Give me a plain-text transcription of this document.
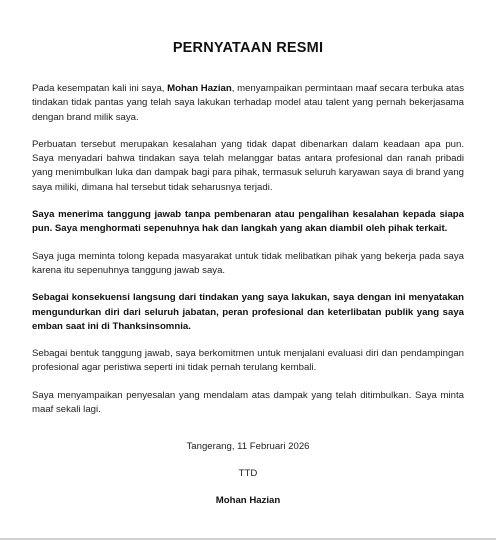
PERNYATAAN RESMI

Pada kesempatan kali ini saya, Mohan Hazian, menyampaikan permintaan maaf secara terbuka atas tindakan tidak pantas yang telah saya lakukan terhadap model atau talent yang pernah bekerjasama dengan brand milik saya.

Perbuatan tersebut merupakan kesalahan yang tidak dapat dibenarkan dalam keadaan apa pun. Saya menyadari bahwa tindakan saya telah melanggar batas antara profesional dan ranah pribadi yang menimbulkan luka dan dampak bagi para pihak, termasuk seluruh karyawan saya di brand yang saya miliki, dimana hal tersebut tidak seharusnya terjadi.

Saya menerima tanggung jawab tanpa pembenaran atau pengalihan kesalahan kepada siapa pun. Saya menghormati sepenuhnya hak dan langkah yang akan diambil oleh pihak terkait.

Saya juga meminta tolong kepada masyarakat untuk tidak melibatkan pihak yang bekerja pada saya karena itu sepenuhnya tanggung jawab saya.

Sebagai konsekuensi langsung dari tindakan yang saya lakukan, saya dengan ini menyatakan mengundurkan diri dari seluruh jabatan, peran profesional dan keterlibatan publik yang saya emban saat ini di Thanksinsomnia.

Sebagai bentuk tanggung jawab, saya berkomitmen untuk menjalani evaluasi diri dan pendampingan profesional agar peristiwa seperti ini tidak pernah terulang kembali.

Saya menyampaikan penyesalan yang mendalam atas dampak yang telah ditimbulkan. Saya minta maaf sekali lagi.

Tangerang, 11 Februari 2026
TTD
Mohan Hazian
